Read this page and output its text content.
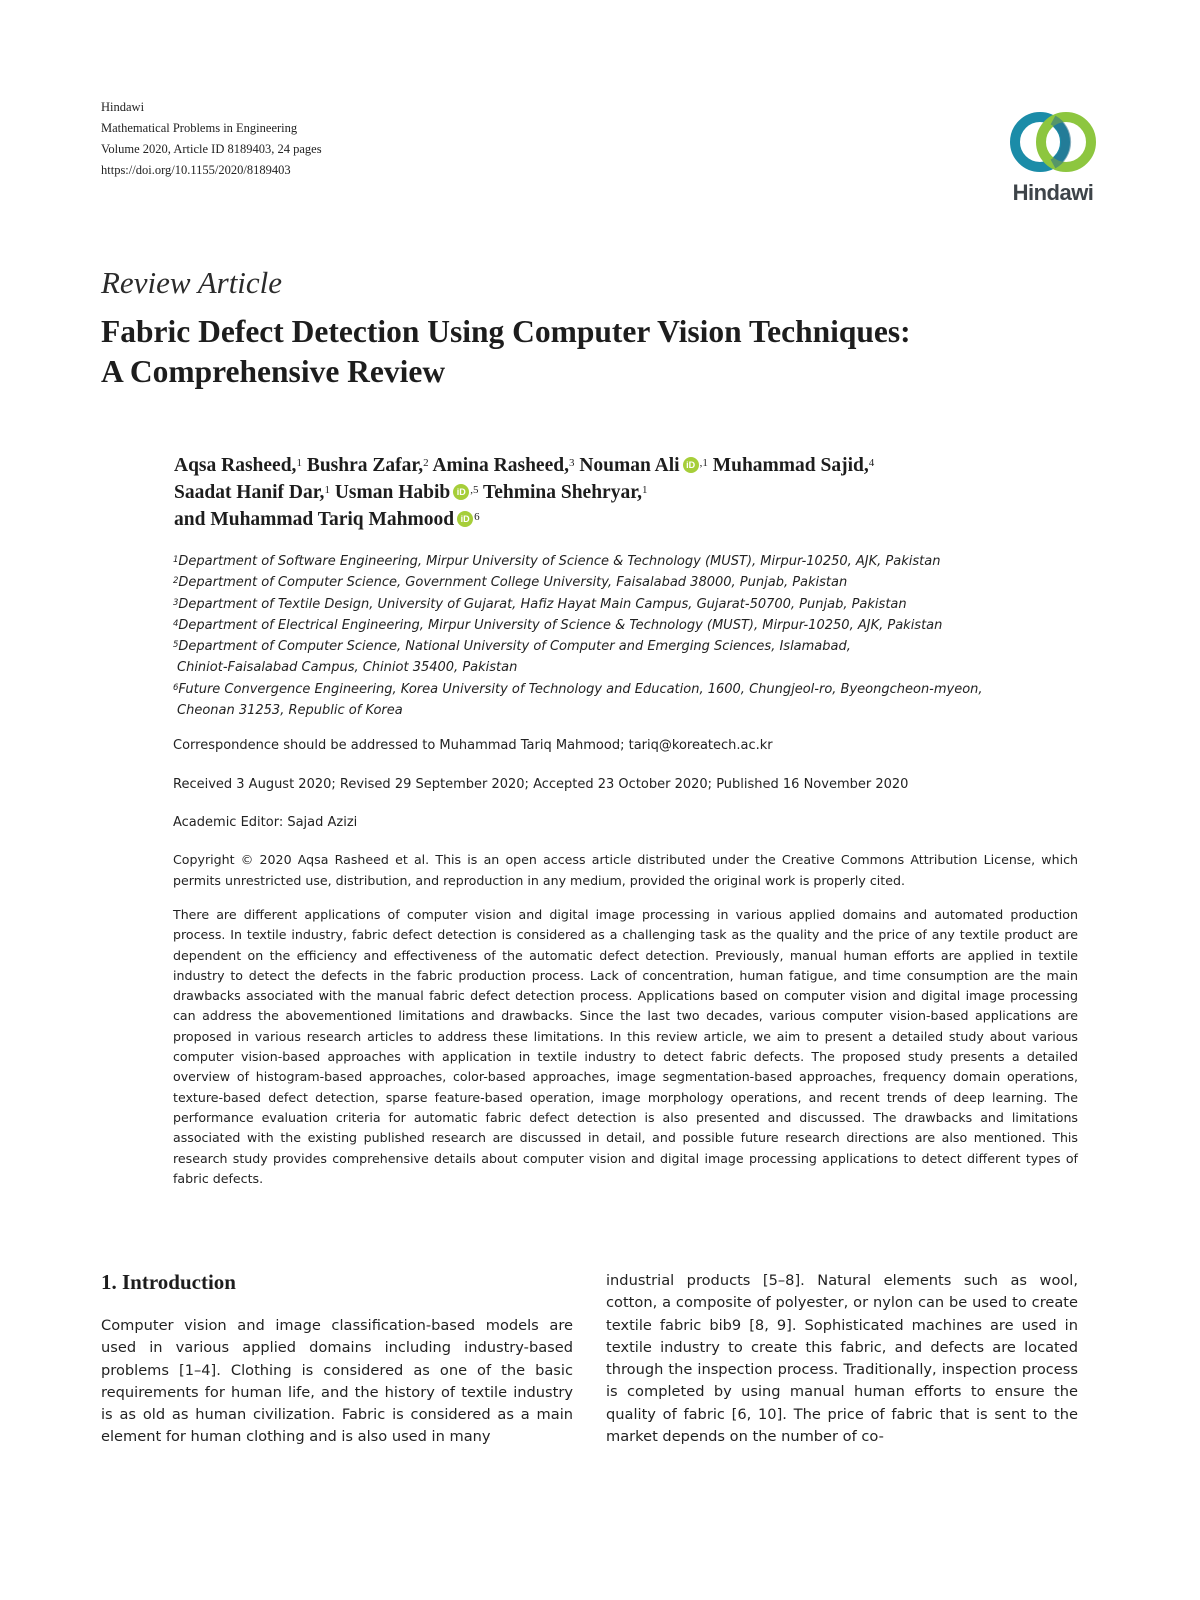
Hindawi
Mathematical Problems in Engineering
Volume 2020, Article ID 8189403, 24 pages
https://doi.org/10.1155/2020/8189403
Hindawi
Review Article
Fabric Defect Detection Using Computer Vision Techniques:
A Comprehensive Review
Aqsa Rasheed,$^1$ Bushra Zafar,$^2$ Amina Rasheed,$^3$ Nouman Ali iD $^{,1}$ Muhammad Sajid,$^4$
Saadat Hanif Dar,$^1$ Usman Habib iD $^{,5}$ Tehmina Shehryar,$^1$
and Muhammad Tariq Mahmood iD $^6$
$^1$Department of Software Engineering, Mirpur University of Science & Technology (MUST), Mirpur-10250, AJK, Pakistan
$^2$Department of Computer Science, Government College University, Faisalabad 38000, Punjab, Pakistan
$^3$Department of Textile Design, University of Gujarat, Hafiz Hayat Main Campus, Gujarat-50700, Punjab, Pakistan
$^4$Department of Electrical Engineering, Mirpur University of Science & Technology (MUST), Mirpur-10250, AJK, Pakistan
$^5$Department of Computer Science, National University of Computer and Emerging Sciences, Islamabad,
Chiniot-Faisalabad Campus, Chiniot 35400, Pakistan
$^6$Future Convergence Engineering, Korea University of Technology and Education, 1600, Chungjeol-ro, Byeongcheon-myeon,
Cheonan 31253, Republic of Korea
Correspondence should be addressed to Muhammad Tariq Mahmood; tariq@koreatech.ac.kr
Received 3 August 2020; Revised 29 September 2020; Accepted 23 October 2020; Published 16 November 2020
Academic Editor: Sajad Azizi
Copyright © 2020 Aqsa Rasheed et al. This is an open access article distributed under the Creative Commons Attribution License, which permits unrestricted use, distribution, and reproduction in any medium, provided the original work is properly cited.
There are different applications of computer vision and digital image processing in various applied domains and automated production process. In textile industry, fabric defect detection is considered as a challenging task as the quality and the price of any textile product are dependent on the efficiency and effectiveness of the automatic defect detection. Previously, manual human efforts are applied in textile industry to detect the defects in the fabric production process. Lack of concentration, human fatigue, and time consumption are the main drawbacks associated with the manual fabric defect detection process. Applications based on computer vision and digital image processing can address the abovementioned limitations and drawbacks. Since the last two decades, various computer vision-based applications are proposed in various research articles to address these limitations. In this review article, we aim to present a detailed study about various computer vision-based approaches with application in textile industry to detect fabric defects. The proposed study presents a detailed overview of histogram-based approaches, color-based approaches, image segmentation-based approaches, frequency domain operations, texture-based defect detection, sparse feature-based operation, image morphology operations, and recent trends of deep learning. The performance evaluation criteria for automatic fabric defect detection is also presented and discussed. The drawbacks and limitations associated with the existing published research are discussed in detail, and possible future research directions are also mentioned. This research study provides comprehensive details about computer vision and digital image processing applications to detect different types of fabric defects.
1. Introduction
Computer vision and image classification-based models are used in various applied domains including industry-based problems [1–4]. Clothing is considered as one of the basic requirements for human life, and the history of textile industry is as old as human civilization. Fabric is considered as a main element for human clothing and is also used in many
industrial products [5–8]. Natural elements such as wool, cotton, a composite of polyester, or nylon can be used to create textile fabric bib9 [8, 9]. Sophisticated machines are used in textile industry to create this fabric, and defects are located through the inspection process. Traditionally, inspection process is completed by using manual human efforts to ensure the quality of fabric [6, 10]. The price of fabric that is sent to the market depends on the number of co-
